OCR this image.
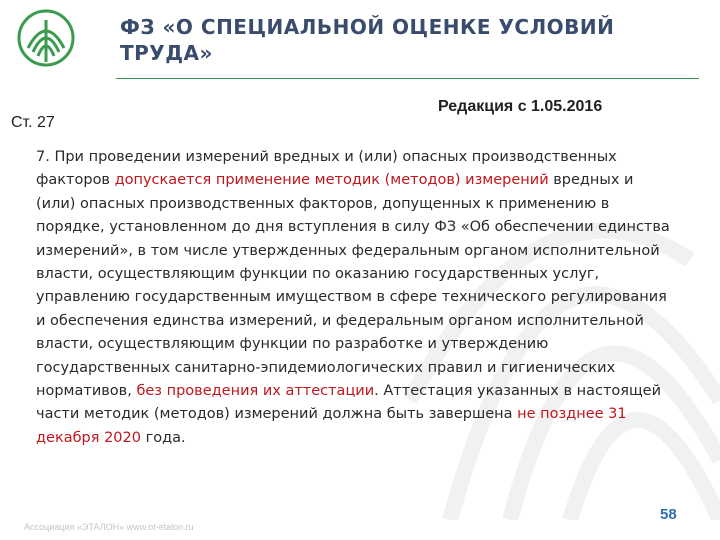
ФЗ «О СПЕЦИАЛЬНОЙ ОЦЕНКЕ УСЛОВИЙ ТРУДА»
Редакция с 1.05.2016
Ст. 27

7. При проведении измерений вредных и (или) опасных производственных факторов допускается применение методик (методов) измерений вредных и (или) опасных производственных факторов, допущенных к применению в порядке, установленном до дня вступления в силу ФЗ «Об обеспечении единства измерений», в том числе утвержденных федеральным органом исполнительной власти, осуществляющим функции по оказанию государственных услуг, управлению государственным имуществом в сфере технического регулирования и обеспечения единства измерений, и федеральным органом исполнительной власти, осуществляющим функции по разработке и утверждению государственных санитарно-эпидемиологических правил и гигиенических нормативов, без проведения их аттестации. Аттестация указанных в настоящей части методик (методов) измерений должна быть завершена не позднее 31 декабря 2020 года.

Ассоциация «ЭТАЛОН» www.ot-etalon.ru
58
